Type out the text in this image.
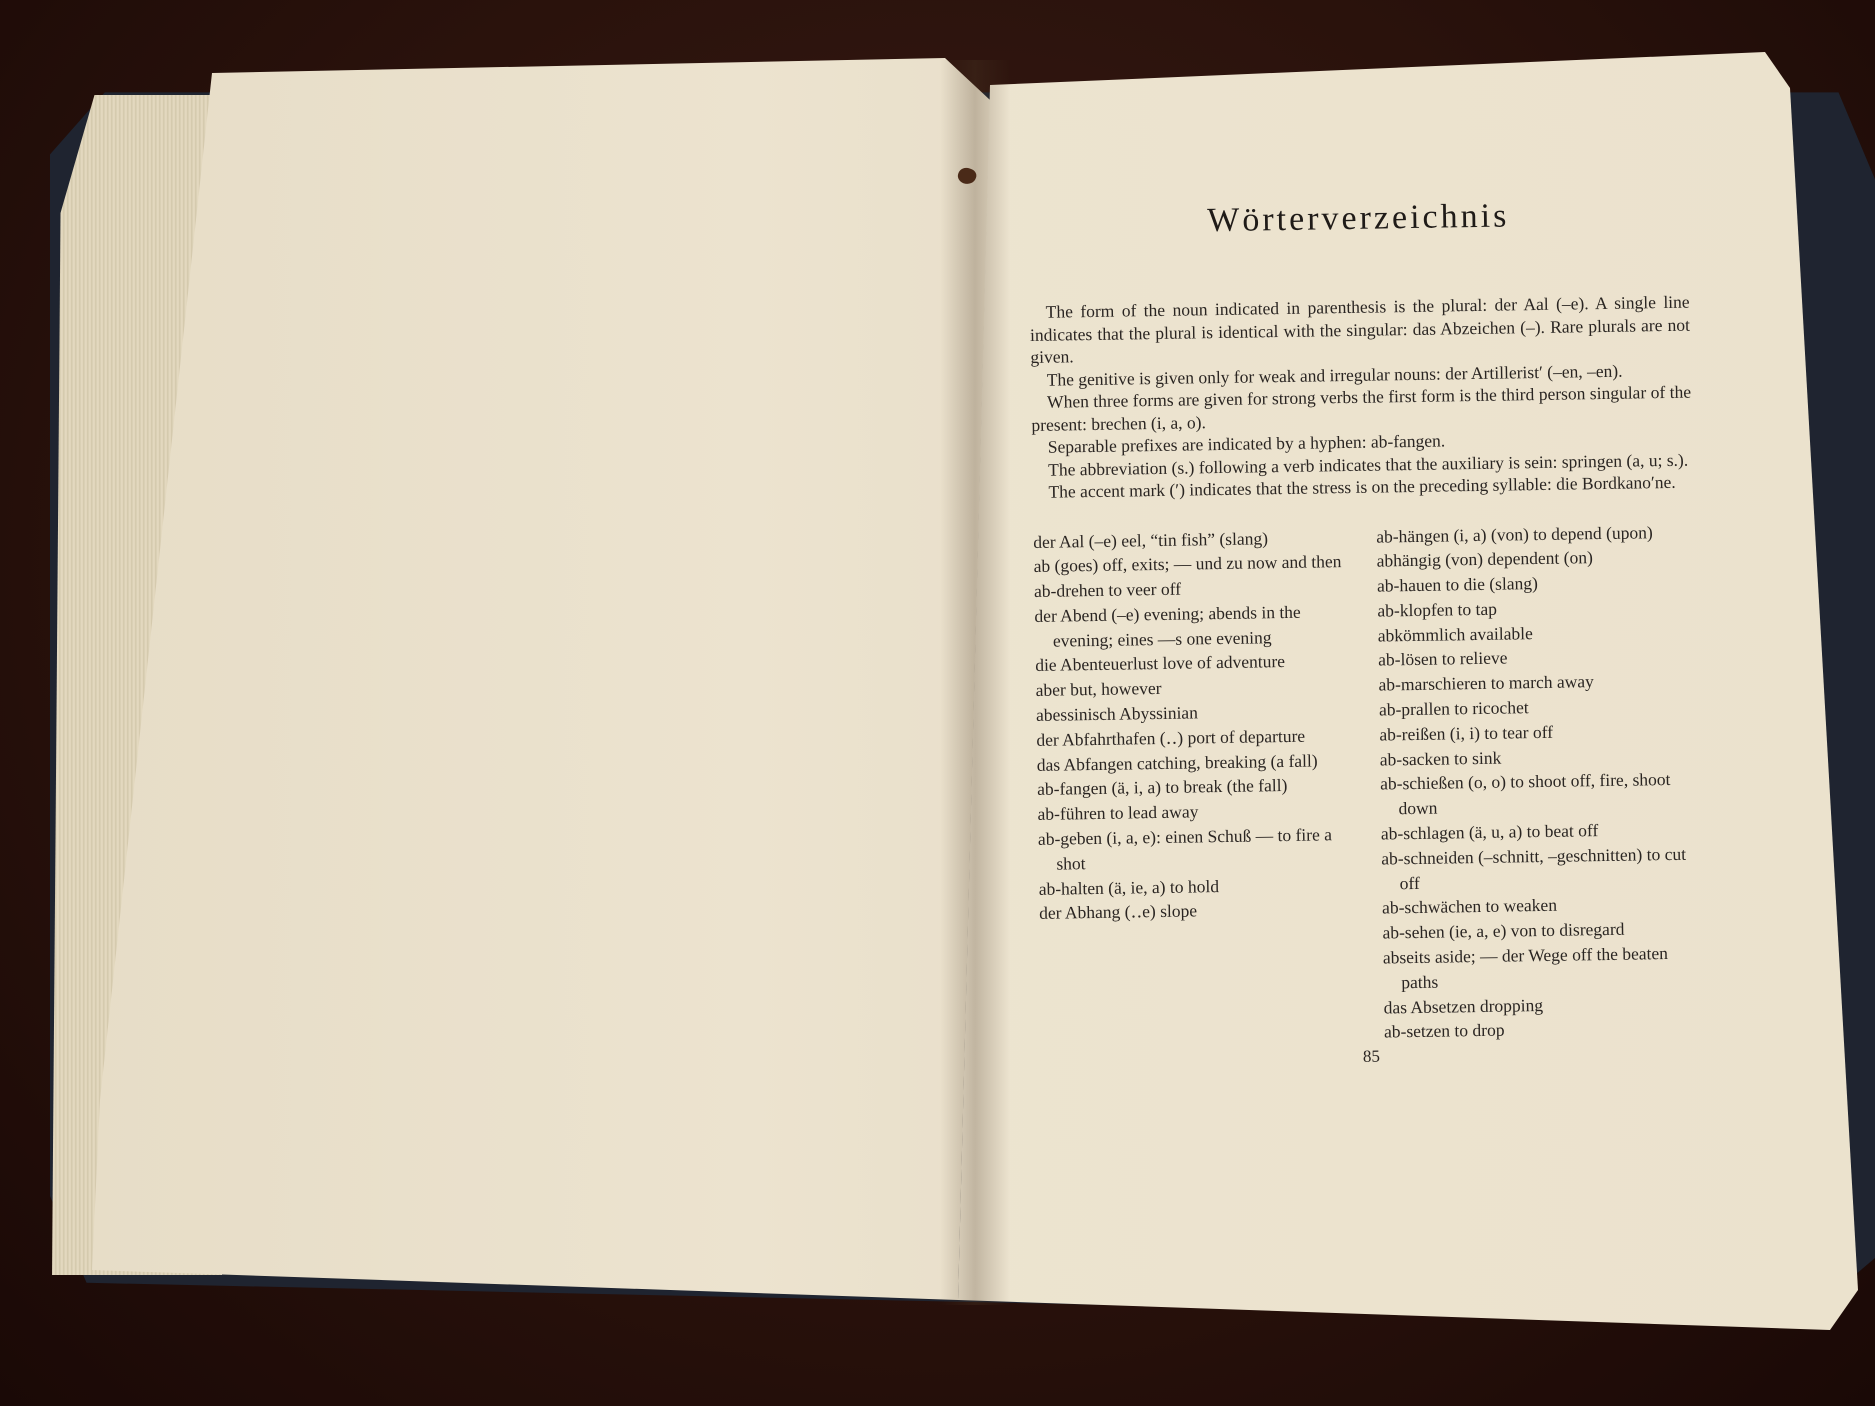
Wörterverzeichnis

The form of the noun indicated in parenthesis is the plural: der Aal (–e). A single line indicates that the plural is identical with the singular: das Abzeichen (–). Rare plurals are not given.

The genitive is given only for weak and irregular nouns: der Artillerist′ (–en, –en).

When three forms are given for strong verbs the first form is the third person singular of the present: brechen (i, a, o).

Separable prefixes are indicated by a hyphen: ab-fangen.

The abbreviation (s.) following a verb indicates that the auxiliary is sein: springen (a, u; s.).

The accent mark (′) indicates that the stress is on the preceding syllable: die Bordkano′ne.

der Aal (–e) eel, “tin fish” (slang)
ab (goes) off, exits; — und zu now and then
ab-drehen to veer off
der Abend (–e) evening; abends in the evening; eines —s one evening
die Abenteuerlust love of adventure
aber but, however
abessinisch Abyssinian
der Abfahrthafen (‥) port of departure
das Abfangen catching, breaking (a fall)
ab-fangen (ä, i, a) to break (the fall)
ab-führen to lead away
ab-geben (i, a, e): einen Schuß — to fire a shot
ab-halten (ä, ie, a) to hold
der Abhang (‥e) slope
ab-hängen (i, a) (von) to depend (upon)
abhängig (von) dependent (on)
ab-hauen to die (slang)
ab-klopfen to tap
abkömmlich available
ab-lösen to relieve
ab-marschieren to march away
ab-prallen to ricochet
ab-reißen (i, i) to tear off
ab-sacken to sink
ab-schießen (o, o) to shoot off, fire, shoot down
ab-schlagen (ä, u, a) to beat off
ab-schneiden (–schnitt, –geschnitten) to cut off
ab-schwächen to weaken
ab-sehen (ie, a, e) von to disregard
abseits aside; — der Wege off the beaten paths
das Absetzen dropping
ab-setzen to drop
85
